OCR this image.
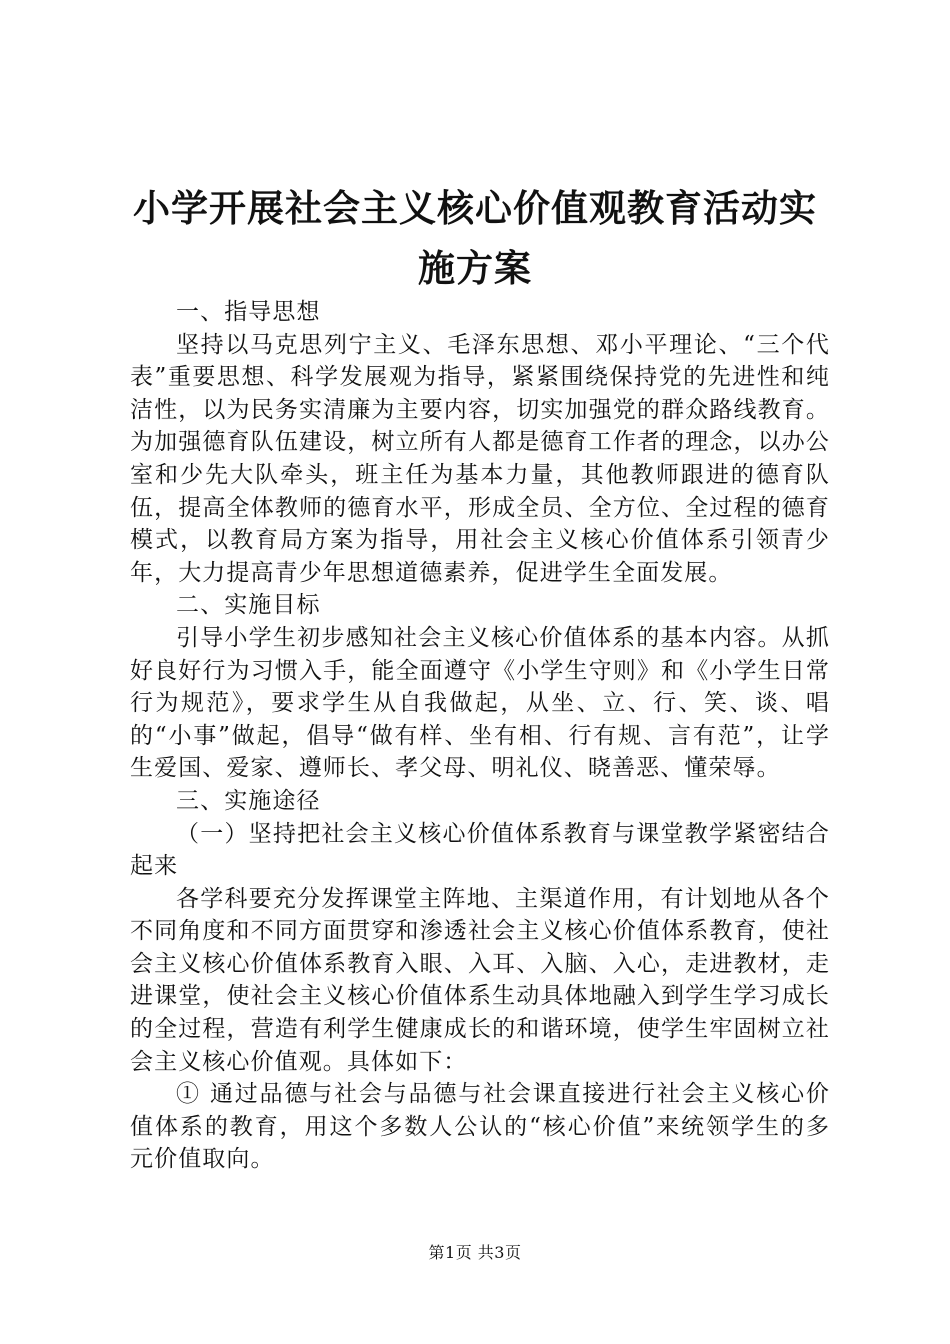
小学开展社会主义核心价值观教育活动实施方案

一、指导思想

坚持以马克思列宁主义、毛泽东思想、邓小平理论、“三个代表”重要思想、科学发展观为指导，紧紧围绕保持党的先进性和纯洁性，以为民务实清廉为主要内容，切实加强党的群众路线教育。为加强德育队伍建设，树立所有人都是德育工作者的理念，以办公室和少先大队牵头，班主任为基本力量，其他教师跟进的德育队伍，提高全体教师的德育水平，形成全员、全方位、全过程的德育模式，以教育局方案为指导，用社会主义核心价值体系引领青少年，大力提高青少年思想道德素养，促进学生全面发展。

二、实施目标

引导小学生初步感知社会主义核心价值体系的基本内容。从抓好良好行为习惯入手，能全面遵守《小学生守则》和《小学生日常行为规范》，要求学生从自我做起，从坐、立、行、笑、谈、唱的“小事”做起，倡导“做有样、坐有相、行有规、言有范”，让学生爱国、爱家、遵师长、孝父母、明礼仪、晓善恶、懂荣辱。

三、实施途径

（一）坚持把社会主义核心价值体系教育与课堂教学紧密结合起来

各学科要充分发挥课堂主阵地、主渠道作用，有计划地从各个不同角度和不同方面贯穿和渗透社会主义核心价值体系教育，使社会主义核心价值体系教育入眼、入耳、入脑、入心，走进教材，走进课堂，使社会主义核心价值体系生动具体地融入到学生学习成长的全过程，营造有利学生健康成长的和谐环境，使学生牢固树立社会主义核心价值观。具体如下：

① 通过品德与社会与品德与社会课直接进行社会主义核心价值体系的教育，用这个多数人公认的“核心价值”来统领学生的多元价值取向。

第1页 共3页
